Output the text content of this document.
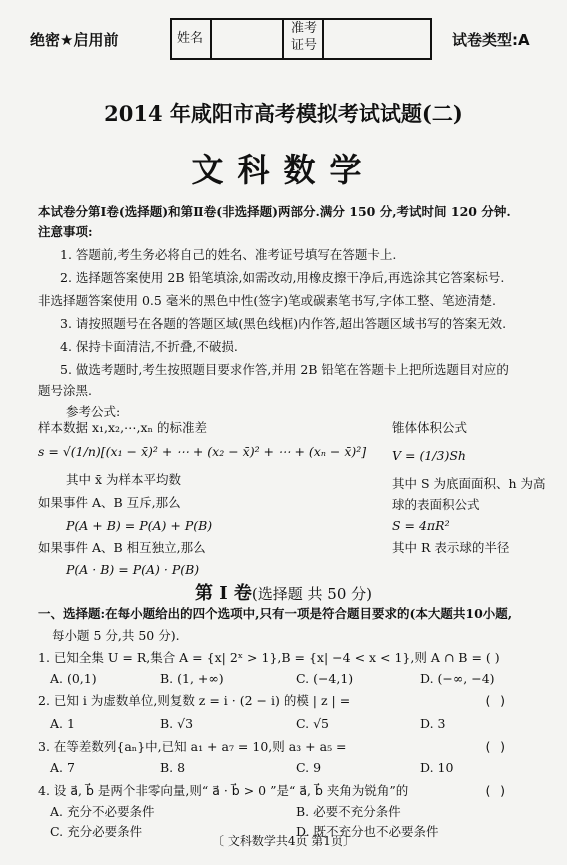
绝密★启用前	姓名
准考
证号	试卷类型:A
2014 年咸阳市高考模拟考试试题(二)
文科数学
本试卷分第Ⅰ卷(选择题)和第Ⅱ卷(非选择题)两部分.满分 150 分,考试时间 120 分钟.
注意事项:
1. 答题前,考生务必将自己的姓名、准考证号填写在答题卡上.
2. 选择题答案使用 2B 铅笔填涂,如需改动,用橡皮擦干净后,再选涂其它答案标号.
非选择题答案使用 0.5 毫米的黑色中性(签字)笔或碳素笔书写,字体工整、笔迹清楚.
3. 请按照题号在各题的答题区域(黑色线框)内作答,超出答题区域书写的答案无效.
4. 保持卡面清洁,不折叠,不破损.
5. 做选考题时,考生按照题目要求作答,并用 2B 铅笔在答题卡上把所选题目对应的
题号涂黑.
参考公式:
样本数据 x₁,x₂,⋯,xₙ 的标准差
s = √(1/n)[(x₁ − x̄)² + ⋯ + (x₂ − x̄)² + ⋯ + (xₙ − x̄)²]
其中 x̄ 为样本平均数
如果事件 A、B 互斥,那么
P(A + B) = P(A) + P(B)
如果事件 A、B 相互独立,那么
P(A · B) = P(A) · P(B)
锥体体积公式
V = (1/3)Sh
其中 S 为底面面积、h 为高
球的表面积公式
S = 4πR²
其中 R 表示球的半径
第 Ⅰ 卷(选择题 共 50 分)
一、选择题:在每小题给出的四个选项中,只有一项是符合题目要求的(本大题共10小题,
每小题 5 分,共 50 分).
1. 已知全集 U = R,集合 A = {x| 2ˣ > 1},B = {x| −4 < x < 1},则 A ∩ B = ( )
A. (0,1)	B. (1, +∞)	C. (−4,1)	D. (−∞, −4)
2. 已知 i 为虚数单位,则复数 z = i · (2 − i) 的模 | z | =	( )
A. 1	B. √3	C. √5	D. 3
3. 在等差数列{aₙ}中,已知 a₁ + a₇ = 10,则 a₃ + a₅ =	( )
A. 7	B. 8	C. 9	D. 10
4. 设 a⃗, b⃗ 是两个非零向量,则“ a⃗ · b⃗ > 0 ”是“ a⃗, b⃗ 夹角为锐角”的	( )
A. 充分不必要条件	B. 必要不充分条件
C. 充分必要条件	D. 既不充分也不必要条件
〔 文科数学共4页 第1页〕
